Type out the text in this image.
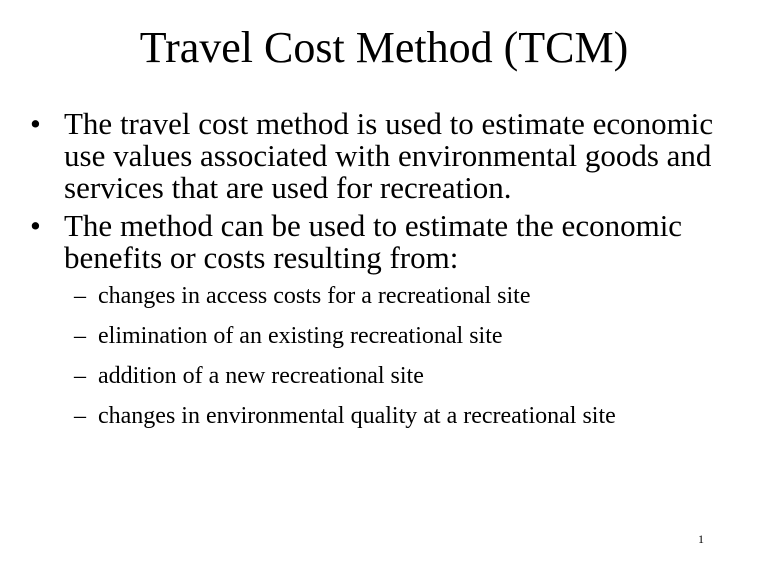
Travel Cost Method (TCM)
• The travel cost method is used to estimate economic use values associated with environmental goods and services that are used for recreation.
• The method can be used to estimate the economic benefits or costs resulting from:
– changes in access costs for a recreational site
– elimination of an existing recreational site
– addition of a new recreational site
– changes in environmental quality at a recreational site
1
